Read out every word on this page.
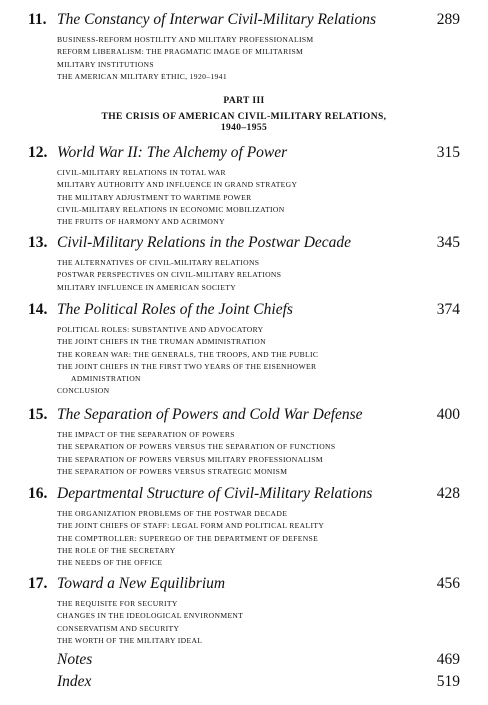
11. The Constancy of Interwar Civil-Military Relations	289
BUSINESS-REFORM HOSTILITY AND MILITARY PROFESSIONALISM
REFORM LIBERALISM: THE PRAGMATIC IMAGE OF MILITARISM
MILITARY INSTITUTIONS
THE AMERICAN MILITARY ETHIC, 1920–1941
PART III
THE CRISIS OF AMERICAN CIVIL-MILITARY RELATIONS,
1940–1955
12. World War II: The Alchemy of Power	315
CIVIL-MILITARY RELATIONS IN TOTAL WAR
MILITARY AUTHORITY AND INFLUENCE IN GRAND STRATEGY
THE MILITARY ADJUSTMENT TO WARTIME POWER
CIVIL-MILITARY RELATIONS IN ECONOMIC MOBILIZATION
THE FRUITS OF HARMONY AND ACRIMONY
13. Civil-Military Relations in the Postwar Decade	345
THE ALTERNATIVES OF CIVIL-MILITARY RELATIONS
POSTWAR PERSPECTIVES ON CIVIL-MILITARY RELATIONS
MILITARY INFLUENCE IN AMERICAN SOCIETY
14. The Political Roles of the Joint Chiefs	374
POLITICAL ROLES: SUBSTANTIVE AND ADVOCATORY
THE JOINT CHIEFS IN THE TRUMAN ADMINISTRATION
THE KOREAN WAR: THE GENERALS, THE TROOPS, AND THE PUBLIC
THE JOINT CHIEFS IN THE FIRST TWO YEARS OF THE EISENHOWER
ADMINISTRATION
CONCLUSION
15. The Separation of Powers and Cold War Defense	400
THE IMPACT OF THE SEPARATION OF POWERS
THE SEPARATION OF POWERS VERSUS THE SEPARATION OF FUNCTIONS
THE SEPARATION OF POWERS VERSUS MILITARY PROFESSIONALISM
THE SEPARATION OF POWERS VERSUS STRATEGIC MONISM
16. Departmental Structure of Civil-Military Relations	428
THE ORGANIZATION PROBLEMS OF THE POSTWAR DECADE
THE JOINT CHIEFS OF STAFF: LEGAL FORM AND POLITICAL REALITY
THE COMPTROLLER: SUPEREGO OF THE DEPARTMENT OF DEFENSE
THE ROLE OF THE SECRETARY
THE NEEDS OF THE OFFICE
17. Toward a New Equilibrium	456
THE REQUISITE FOR SECURITY
CHANGES IN THE IDEOLOGICAL ENVIRONMENT
CONSERVATISM AND SECURITY
THE WORTH OF THE MILITARY IDEAL
Notes	469
Index	519
